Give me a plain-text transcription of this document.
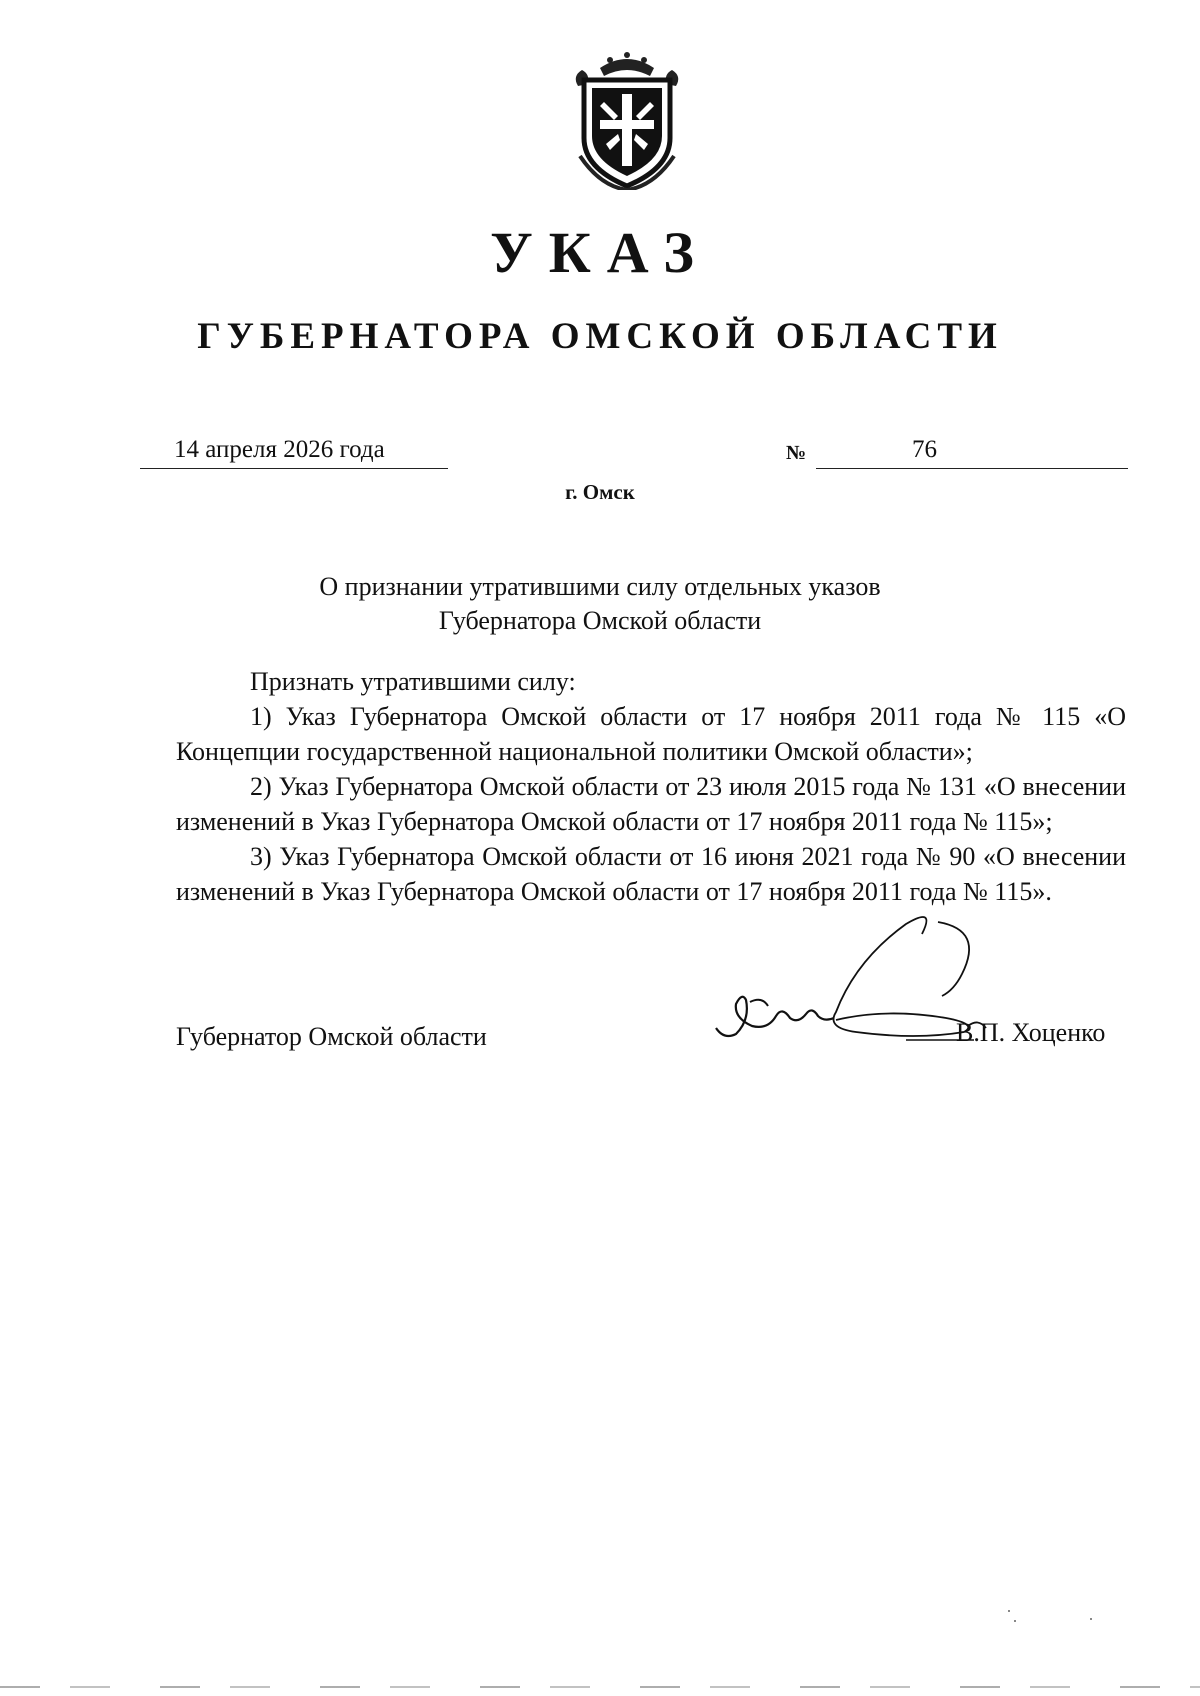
УКАЗ
ГУБЕРНАТОРА ОМСКОЙ ОБЛАСТИ
14 апреля 2026 года	№	76
г. Омск
О признании утратившими силу отдельных указов
Губернатора Омской области

Признать утратившими силу:

1) Указ Губернатора Омской области от 17 ноября 2011 года № 115 «О Концепции государственной национальной политики Омской области»;

2) Указ Губернатора Омской области от 23 июля 2015 года № 131 «О внесении изменений в Указ Губернатора Омской области от 17 ноября 2011 года № 115»;

3) Указ Губернатора Омской области от 16 июня 2021 года № 90 «О внесении изменений в Указ Губернатора Омской области от 17 ноября 2011 года № 115».

Губернатор Омской области	В.П. Хоценко
